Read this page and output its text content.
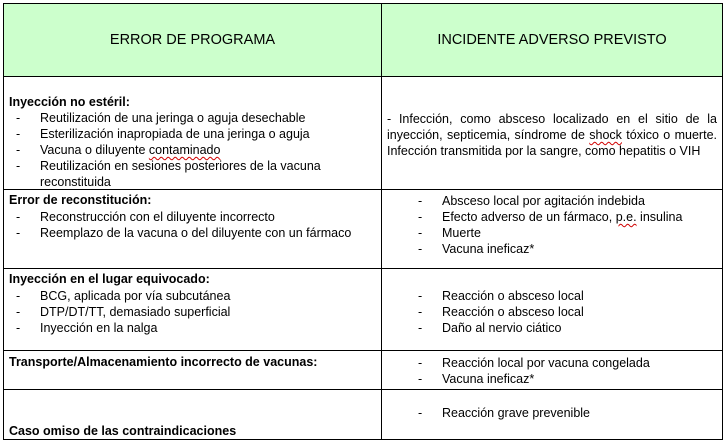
ERROR DE PROGRAMA	INCIDENTE ADVERSO PREVISTO
Inyección no estéril:
- Reutilización de una jeringa o aguja desechable
- Esterilización inapropiada de una jeringa o aguja
- Vacuna o diluyente contaminado
- Reutilización en sesiones posteriores de la vacuna reconstituida
- Infección, como absceso localizado en el sitio de la inyección, septicemia, síndrome de shock tóxico o muerte. Infección transmitida por la sangre, como hepatitis o VIH
Error de reconstitución:
- Reconstrucción con el diluyente incorrecto
- Reemplazo de la vacuna o del diluyente con un fármaco
- Absceso local por agitación indebida
- Efecto adverso de un fármaco, p.e. insulina
- Muerte
- Vacuna ineficaz*
Inyección en el lugar equivocado:
- BCG, aplicada por vía subcutánea
- DTP/DT/TT, demasiado superficial
- Inyección en la nalga
- Reacción o absceso local
- Reacción o absceso local
- Daño al nervio ciático
Transporte/Almacenamiento incorrecto de vacunas:	- Reacción local por vacuna congelada
- Vacuna ineficaz*
Caso omiso de las contraindicaciones
- Reacción grave prevenible
